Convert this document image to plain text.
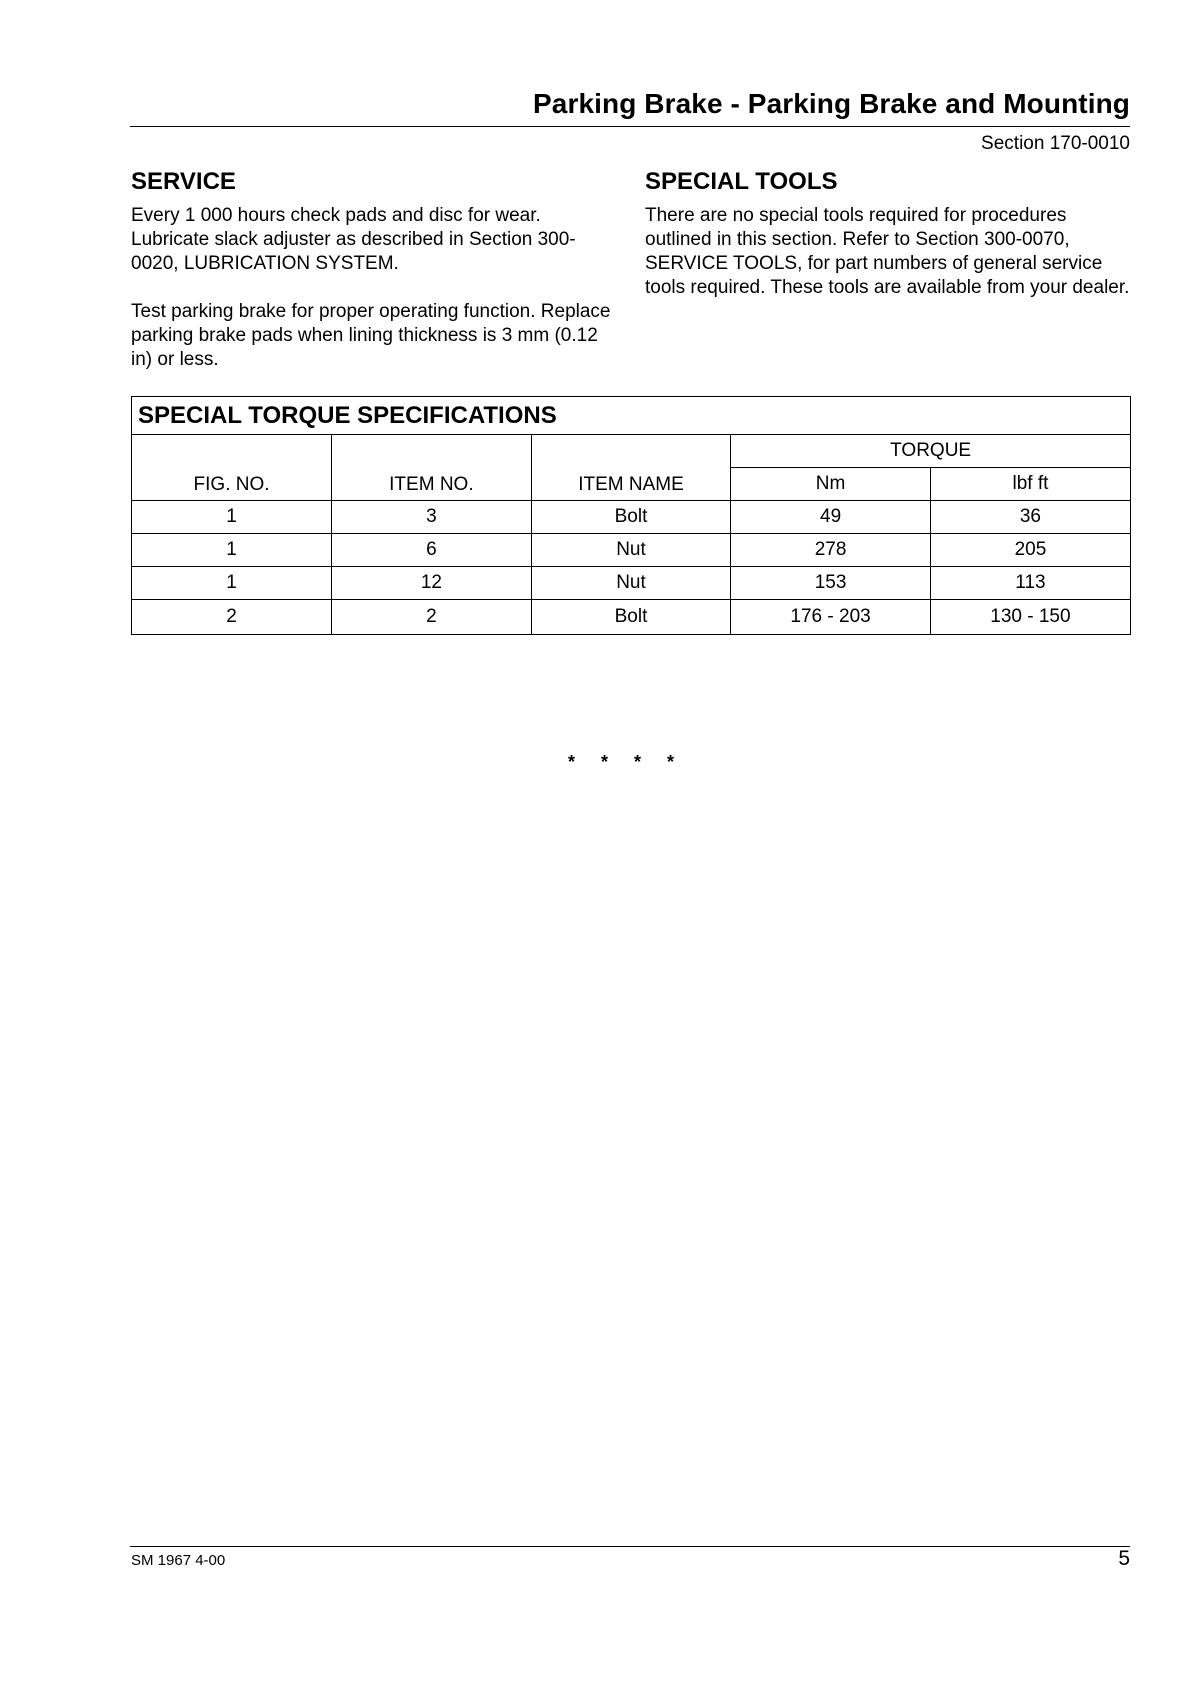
Parking Brake - Parking Brake and Mounting
Section 170-0010
SERVICE

Every 1 000 hours check pads and disc for wear. Lubricate slack adjuster as described in Section 300-0020, LUBRICATION SYSTEM.

Test parking brake for proper operating function. Replace parking brake pads when lining thickness is 3 mm (0.12 in) or less.

SPECIAL TOOLS

There are no special tools required for procedures outlined in this section. Refer to Section 300-0070, SERVICE TOOLS, for part numbers of general service tools required. These tools are available from your dealer.

SPECIAL TORQUE SPECIFICATIONS
FIG. NO.	ITEM NO.	ITEM NAME	TORQUE	
			Nm	lbf ft
1	3	Bolt	49	36
1	6	Nut	278	205
1	12	Nut	153	113
2	2	Bolt	176 - 203	130 - 150
* * * *
SM 1967 4-00	5
